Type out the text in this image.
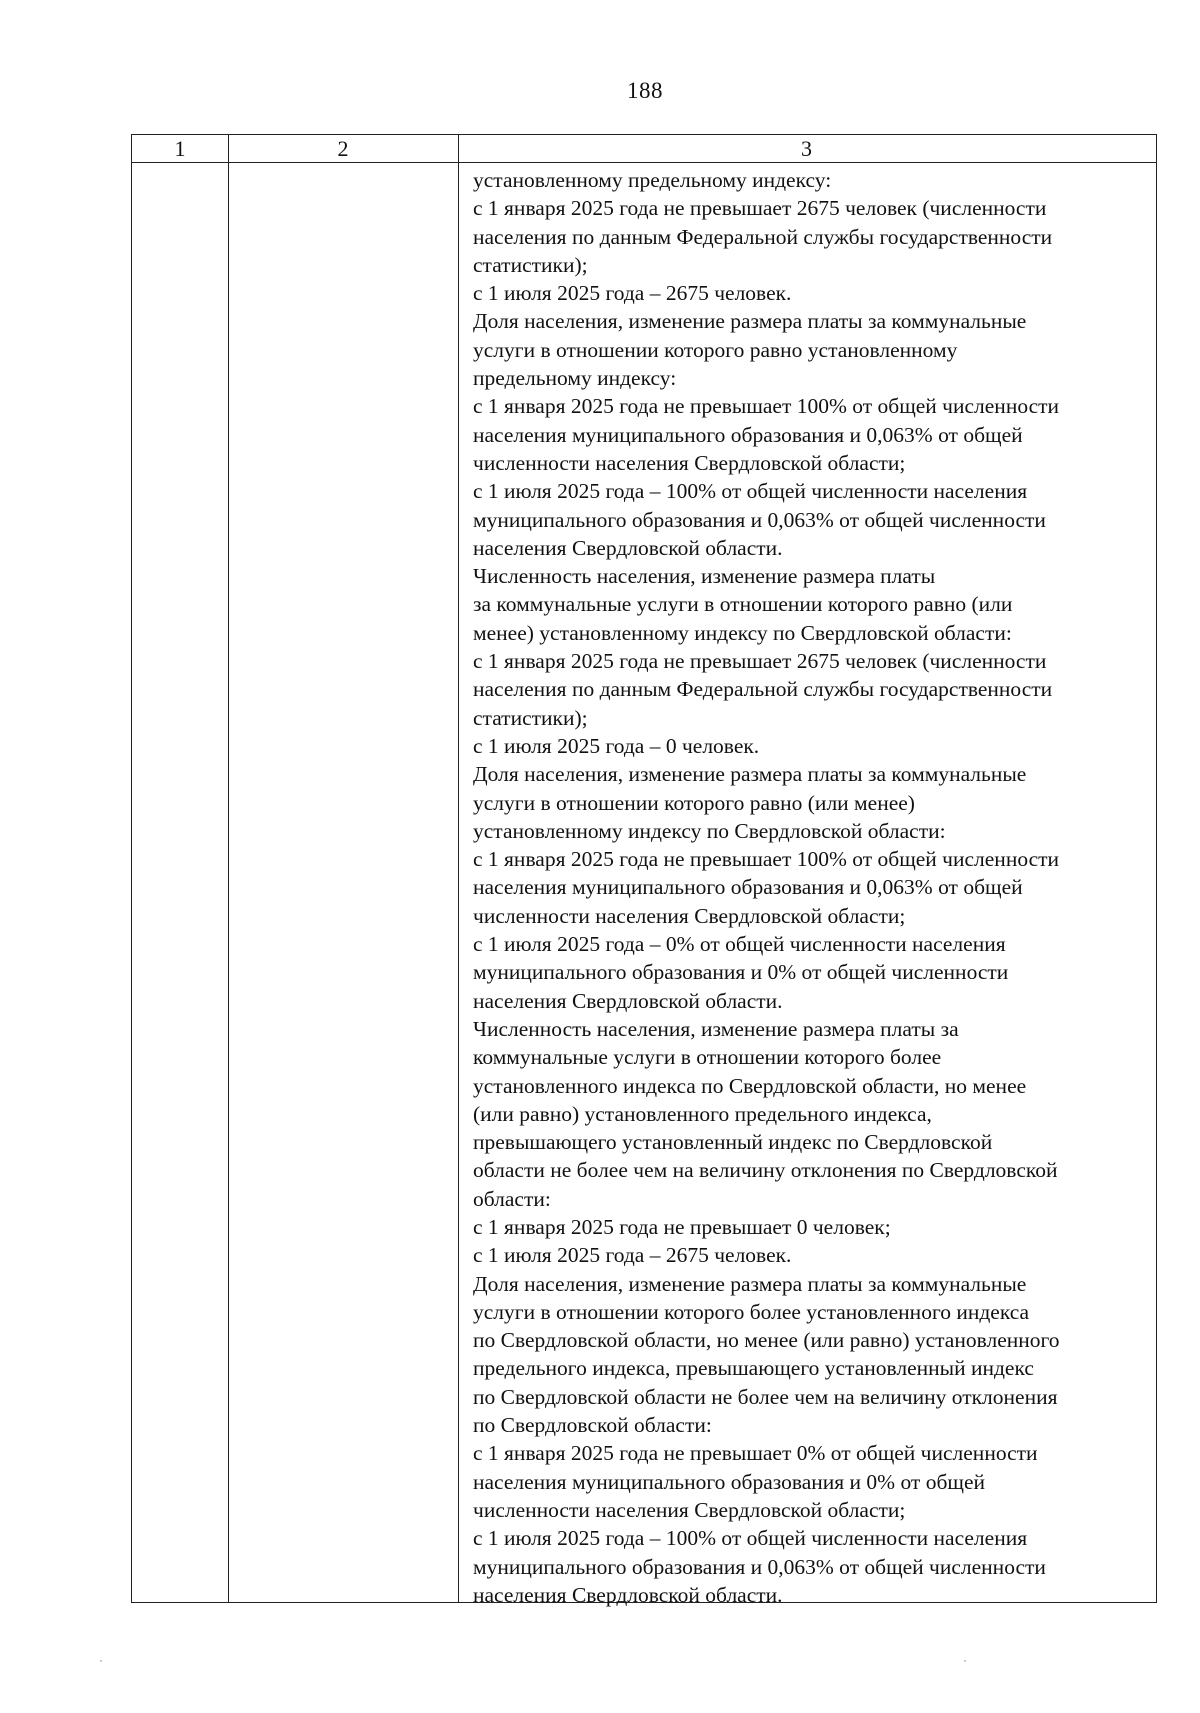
188
1	2	3
установленному предельному индексу:
с 1 января 2025 года не превышает 2675 человек (численности
населения по данным Федеральной службы государственности
статистики);
с 1 июля 2025 года – 2675 человек.
Доля населения, изменение размера платы за коммунальные
услуги в отношении которого равно установленному
предельному индексу:
с 1 января 2025 года не превышает 100% от общей численности
населения муниципального образования и 0,063% от общей
численности населения Свердловской области;
с 1 июля 2025 года – 100% от общей численности населения
муниципального образования и 0,063% от общей численности
населения Свердловской области.
Численность населения, изменение размера платы
за коммунальные услуги в отношении которого равно (или
менее) установленному индексу по Свердловской области:
с 1 января 2025 года не превышает 2675 человек (численности
населения по данным Федеральной службы государственности
статистики);
с 1 июля 2025 года – 0 человек.
Доля населения, изменение размера платы за коммунальные
услуги в отношении которого равно (или менее)
установленному индексу по Свердловской области:
с 1 января 2025 года не превышает 100% от общей численности
населения муниципального образования и 0,063% от общей
численности населения Свердловской области;
с 1 июля 2025 года – 0% от общей численности населения
муниципального образования и 0% от общей численности
населения Свердловской области.
Численность населения, изменение размера платы за
коммунальные услуги в отношении которого более
установленного индекса по Свердловской области, но менее
(или равно) установленного предельного индекса,
превышающего установленный индекс по Свердловской
области не более чем на величину отклонения по Свердловской
области:
с 1 января 2025 года не превышает 0 человек;
с 1 июля 2025 года – 2675 человек.
Доля населения, изменение размера платы за коммунальные
услуги в отношении которого более установленного индекса
по Свердловской области, но менее (или равно) установленного
предельного индекса, превышающего установленный индекс
по Свердловской области не более чем на величину отклонения
по Свердловской области:
с 1 января 2025 года не превышает 0% от общей численности
населения муниципального образования и 0% от общей
численности населения Свердловской области;
с 1 июля 2025 года – 100% от общей численности населения
муниципального образования и 0,063% от общей численности
населения Свердловской области.
